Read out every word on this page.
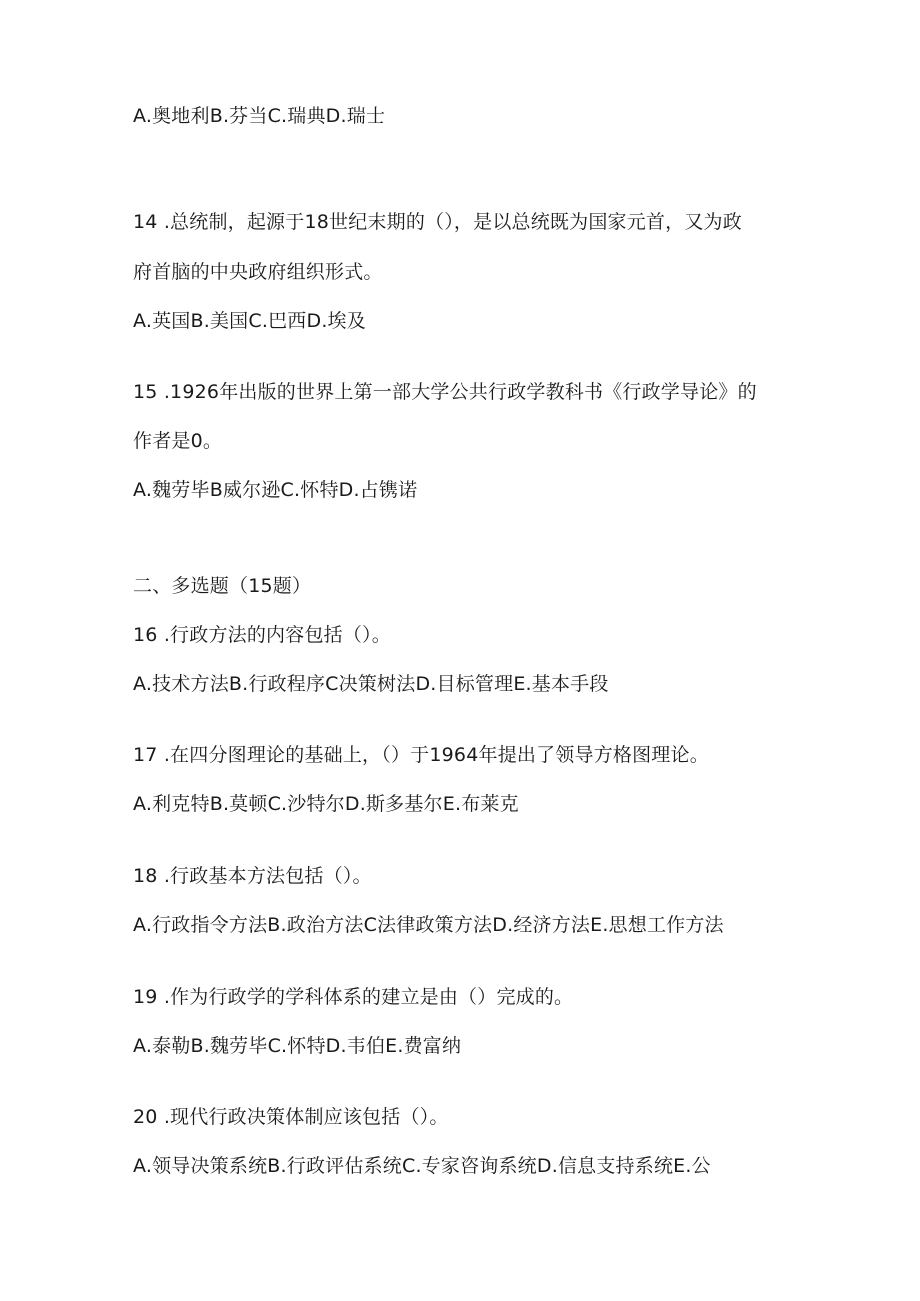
A.奥地利B.芬当C.瑞典D.瑞士
14 .总统制，起源于18世纪末期的（），是以总统既为国家元首，又为政
府首脑的中央政府组织形式。
A.英国B.美国C.巴西D.埃及
15 .1926年出版的世界上第一部大学公共行政学教科书《行政学导论》的
作者是0。
A.魏劳毕B威尔逊C.怀特D.占镌诺
二、多选题（15题）
16 .行政方法的内容包括（）。
A.技术方法B.行政程序C决策树法D.目标管理E.基本手段
17 .在四分图理论的基础上，（）于1964年提出了领导方格图理论。
A.利克特B.莫顿C.沙特尔D.斯多基尔E.布莱克
18 .行政基本方法包括（）。
A.行政指令方法B.政治方法C法律政策方法D.经济方法E.思想工作方法
19 .作为行政学的学科体系的建立是由（）完成的。
A.泰勒B.魏劳毕C.怀特D.韦伯E.费富纳
20 .现代行政决策体制应该包括（）。
A.领导决策系统B.行政评估系统C.专家咨询系统D.信息支持系统E.公
